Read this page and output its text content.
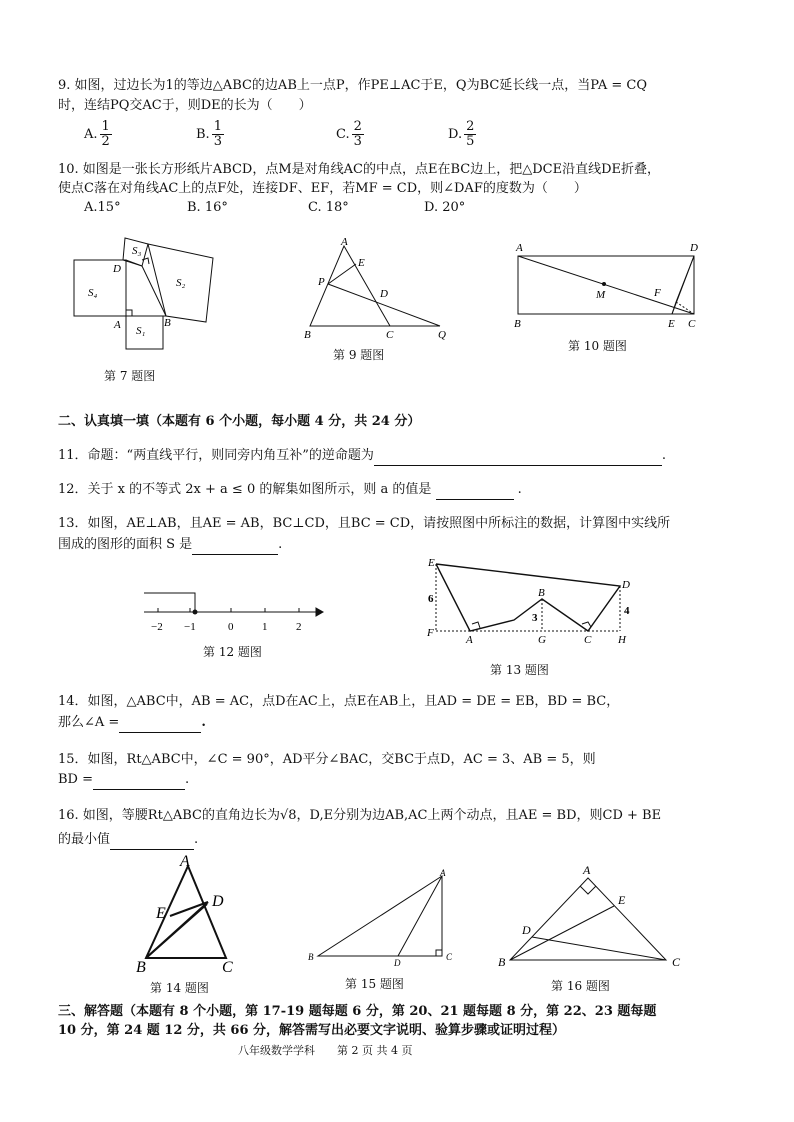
9. 如图，过边长为1的等边△ABC的边AB上一点P，作PE⊥AC于E，Q为BC延长线一点，当PA = CQ
时，连结PQ交AC于，则DE的长为（　　）
A. $\frac{1}{2}$	B. $\frac{1}{3}$	C. $\frac{2}{3}$	D. $\frac{2}{5}$
10. 如图是一张长方形纸片ABCD，点M是对角线AC的中点，点E在BC边上，把△DCE沿直线DE折叠，
使点C落在对角线AC上的点F处，连接DF、EF，若MF = CD，则∠DAF的度数为（　　）
A.15°	B. 16°	C. 18°	D. 20°
S₃
S₂
S₄
S₁
D
A	B
第 7 题图
A
E
P
D
B	C	Q
第 9 题图
A	D
M	F
B	E C
第 10 题图
二、认真填一填（本题有 6 个小题，每小题 4 分，共 24 分）
11．命题：“两直线平行，则同旁内角互补”的逆命题为	.
12．关于 x 的不等式 2x + a ≤ 0 的解集如图所示，则 a 的值是	.
13．如图，AE⊥AB，且AE = AB，BC⊥CD，且BC = CD，请按照图中所标注的数据，计算图中实线所
围成的图形的面积 S 是	.
−2 −1	0	1	2
第 12 题图
E
D
B
F
A	G	C H
6
3
4
第 13 题图
14．如图，△ABC中，AB = AC，点D在AC上，点E在AB上，且AD = DE = EB，BD = BC，
那么∠A =	.
15．如图，Rt△ABC中，∠C = 90°，AD平分∠BAC，交BC于点D，AC = 3、AB = 5，则
BD =	.
16. 如图，等腰Rt△ABC的直角边长为√8，D,E分别为边AB,AC上两个动点，且AE = BD，则CD + BE
的最小值	.
A
E
D
B	C
第 14 题图
A
B
D
C
第 15 题图
A
E
D
B	C
第 16 题图
三、解答题（本题有 8 个小题，第 17-19 题每题 6 分，第 20、21 题每题 8 分，第 22、23 题每题
10 分，第 24 题 12 分，共 66 分，解答需写出必要文字说明、验算步骤或证明过程）
八年级数学学科　　第 2 页 共 4 页
